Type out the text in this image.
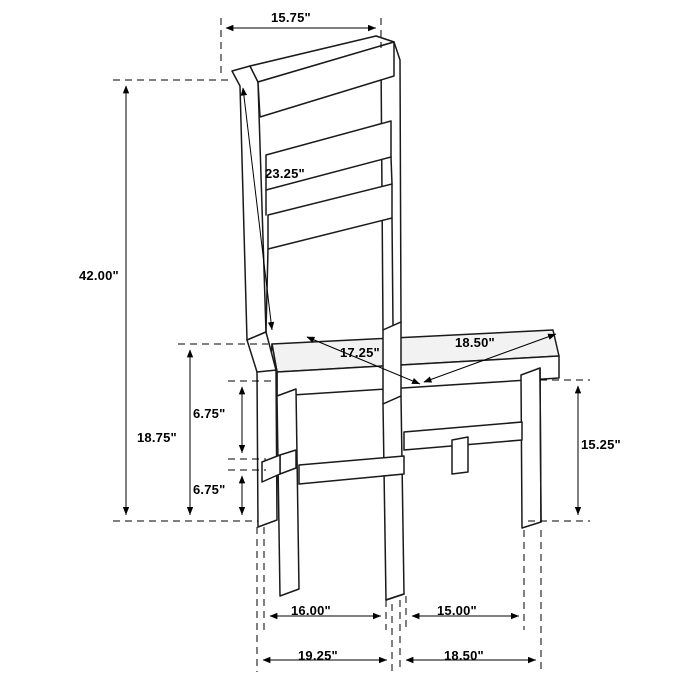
15.75"
23.25"
42.00"
18.75"
6.75"
6.75"
17.25"
18.50"
15.25"
16.00"	15.00"
19.25"	18.50"
